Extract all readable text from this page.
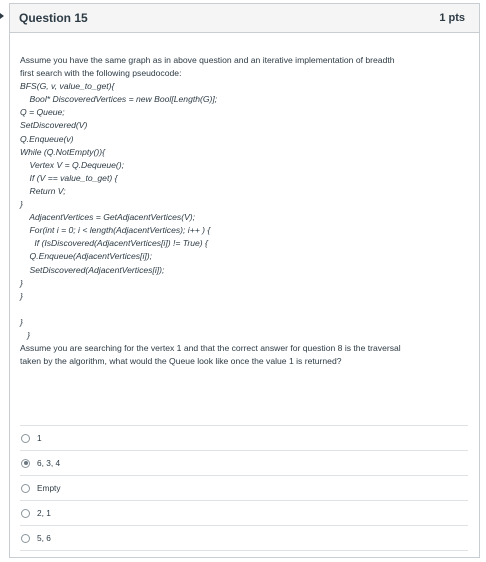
Question 15	1 pts

Assume you have the same graph as in above question and an iterative implementation of breadth

first search with the following pseudocode:

BFS(G, v, value_to_get){
Bool* DiscoveredVertices = new Bool[Length(G)];
Q = Queue;
SetDiscovered(V)
Q.Enqueue(v)
While (Q.NotEmpty()){
Vertex V = Q.Dequeue();
If (V == value_to_get) {
Return V;
}
AdjacentVertices = GetAdjacentVertices(V);
For(int i = 0; i < length(AdjacentVertices); i++ ) {
If (IsDiscovered(AdjacentVertices[i]) != True) {
Q.Enqueue(AdjacentVertices[i]);
SetDiscovered(AdjacentVertices[i]);
}
}
}
}
Assume you are searching for the vertex 1 and that the correct answer for question 8 is the traversal
taken by the algorithm, what would the Queue look like once the value 1 is returned?
1
6, 3, 4
Empty
2, 1
5, 6
